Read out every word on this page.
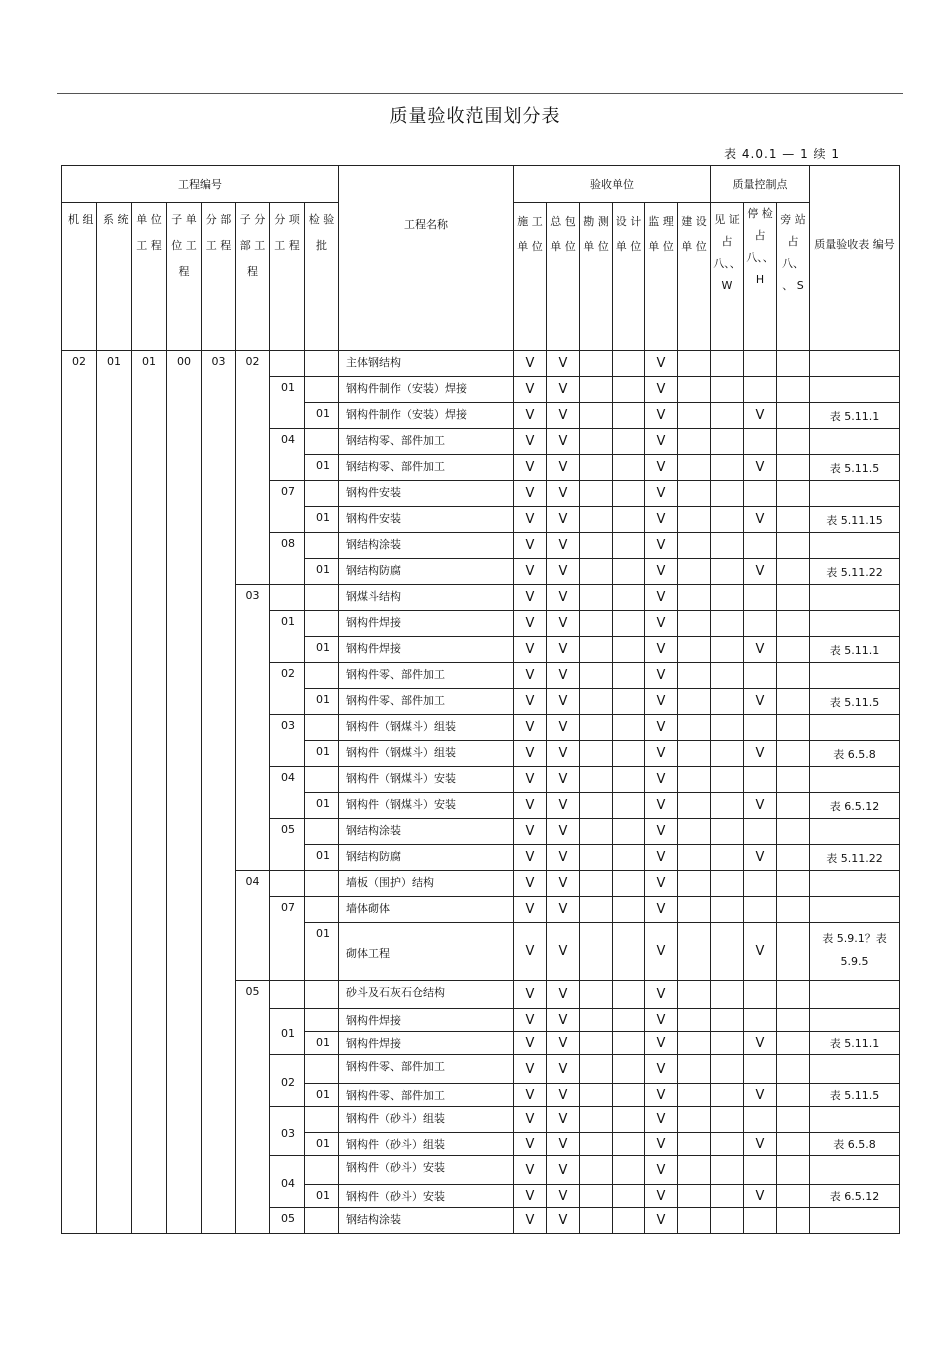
质量验收范围划分表
表 4.0.1 — 1 续 1
工程编号								工程名称	验收单位						质量控制点			质量验收表 编号
机 组	系 统	单 位 工 程	子 单 位 工 程	分 部 工 程	子 分 部 工 程	分 项 工 程	检 验 批		施 工 单 位	总 包 单 位	勘 测 单 位	设 计 单 位	监 理 单 位	建 设 单 位	见 证 占 八、、 W	停 检 占 八、、 H	旁 站 占 八、 、 S	
02	01	01	00	03	02			主体钢结构	V	V			V					
						01		钢构件制作（安装）焊接	V	V			V					
							01	钢构件制作（安装）焊接	V	V			V			V		表 5.11.1
						04		钢结构零、部件加工	V	V			V					
							01	钢结构零、部件加工	V	V			V			V		表 5.11.5
						07		钢构件安装	V	V			V					
							01	钢构件安装	V	V			V			V		表 5.11.15
						08		钢结构涂装	V	V			V					
							01	钢结构防腐	V	V			V			V		表 5.11.22
					03			钢煤斗结构	V	V			V					
						01		钢构件焊接	V	V			V					
							01	钢构件焊接	V	V			V			V		表 5.11.1
						02		钢构件零、部件加工	V	V			V					
							01	钢构件零、部件加工	V	V			V			V		表 5.11.5
						03		钢构件（钢煤斗）组装	V	V			V					
							01	钢构件（钢煤斗）组装	V	V			V			V		表 6.5.8
						04		钢构件（钢煤斗）安装	V	V			V					
							01	钢构件（钢煤斗）安装	V	V			V			V		表 6.5.12
						05		钢结构涂装	V	V			V					
							01	钢结构防腐	V	V			V			V		表 5.11.22
					04			墙板（围护）结构	V	V			V					
						07		墙体砌体	V	V			V					
							01	砌体工程	V	V			V			V		表 5.9.1？表 5.9.5
					05			砂斗及石灰石仓结构	V	V			V					
						01		钢构件焊接	V	V			V					
							01	钢构件焊接	V	V			V			V		表 5.11.1
						02		钢构件零、部件加工	V	V			V					
							01	钢构件零、部件加工	V	V			V			V		表 5.11.5
						03		钢构件（砂斗）组装	V	V			V					
							01	钢构件（砂斗）组装	V	V			V			V		表 6.5.8
						04		钢构件（砂斗）安装	V	V			V					
							01	钢构件（砂斗）安装	V	V			V			V		表 6.5.12
						05		钢结构涂装	V	V			V					
